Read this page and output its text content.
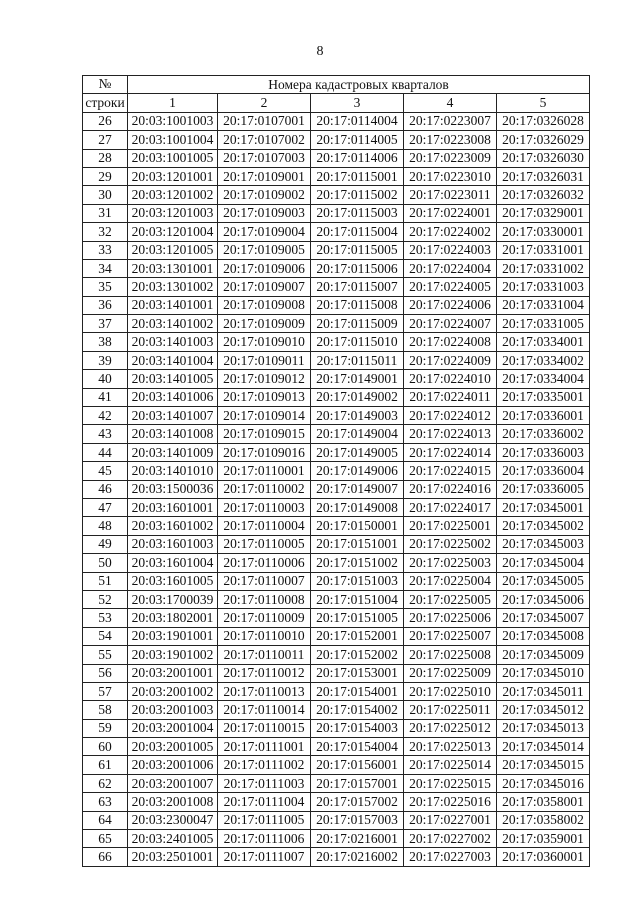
8
№	Номера кадастровых кварталов				
строки	1	2	3	4	5
26	20:03:1001003	20:17:0107001	20:17:0114004	20:17:0223007	20:17:0326028
27	20:03:1001004	20:17:0107002	20:17:0114005	20:17:0223008	20:17:0326029
28	20:03:1001005	20:17:0107003	20:17:0114006	20:17:0223009	20:17:0326030
29	20:03:1201001	20:17:0109001	20:17:0115001	20:17:0223010	20:17:0326031
30	20:03:1201002	20:17:0109002	20:17:0115002	20:17:0223011	20:17:0326032
31	20:03:1201003	20:17:0109003	20:17:0115003	20:17:0224001	20:17:0329001
32	20:03:1201004	20:17:0109004	20:17:0115004	20:17:0224002	20:17:0330001
33	20:03:1201005	20:17:0109005	20:17:0115005	20:17:0224003	20:17:0331001
34	20:03:1301001	20:17:0109006	20:17:0115006	20:17:0224004	20:17:0331002
35	20:03:1301002	20:17:0109007	20:17:0115007	20:17:0224005	20:17:0331003
36	20:03:1401001	20:17:0109008	20:17:0115008	20:17:0224006	20:17:0331004
37	20:03:1401002	20:17:0109009	20:17:0115009	20:17:0224007	20:17:0331005
38	20:03:1401003	20:17:0109010	20:17:0115010	20:17:0224008	20:17:0334001
39	20:03:1401004	20:17:0109011	20:17:0115011	20:17:0224009	20:17:0334002
40	20:03:1401005	20:17:0109012	20:17:0149001	20:17:0224010	20:17:0334004
41	20:03:1401006	20:17:0109013	20:17:0149002	20:17:0224011	20:17:0335001
42	20:03:1401007	20:17:0109014	20:17:0149003	20:17:0224012	20:17:0336001
43	20:03:1401008	20:17:0109015	20:17:0149004	20:17:0224013	20:17:0336002
44	20:03:1401009	20:17:0109016	20:17:0149005	20:17:0224014	20:17:0336003
45	20:03:1401010	20:17:0110001	20:17:0149006	20:17:0224015	20:17:0336004
46	20:03:1500036	20:17:0110002	20:17:0149007	20:17:0224016	20:17:0336005
47	20:03:1601001	20:17:0110003	20:17:0149008	20:17:0224017	20:17:0345001
48	20:03:1601002	20:17:0110004	20:17:0150001	20:17:0225001	20:17:0345002
49	20:03:1601003	20:17:0110005	20:17:0151001	20:17:0225002	20:17:0345003
50	20:03:1601004	20:17:0110006	20:17:0151002	20:17:0225003	20:17:0345004
51	20:03:1601005	20:17:0110007	20:17:0151003	20:17:0225004	20:17:0345005
52	20:03:1700039	20:17:0110008	20:17:0151004	20:17:0225005	20:17:0345006
53	20:03:1802001	20:17:0110009	20:17:0151005	20:17:0225006	20:17:0345007
54	20:03:1901001	20:17:0110010	20:17:0152001	20:17:0225007	20:17:0345008
55	20:03:1901002	20:17:0110011	20:17:0152002	20:17:0225008	20:17:0345009
56	20:03:2001001	20:17:0110012	20:17:0153001	20:17:0225009	20:17:0345010
57	20:03:2001002	20:17:0110013	20:17:0154001	20:17:0225010	20:17:0345011
58	20:03:2001003	20:17:0110014	20:17:0154002	20:17:0225011	20:17:0345012
59	20:03:2001004	20:17:0110015	20:17:0154003	20:17:0225012	20:17:0345013
60	20:03:2001005	20:17:0111001	20:17:0154004	20:17:0225013	20:17:0345014
61	20:03:2001006	20:17:0111002	20:17:0156001	20:17:0225014	20:17:0345015
62	20:03:2001007	20:17:0111003	20:17:0157001	20:17:0225015	20:17:0345016
63	20:03:2001008	20:17:0111004	20:17:0157002	20:17:0225016	20:17:0358001
64	20:03:2300047	20:17:0111005	20:17:0157003	20:17:0227001	20:17:0358002
65	20:03:2401005	20:17:0111006	20:17:0216001	20:17:0227002	20:17:0359001
66	20:03:2501001	20:17:0111007	20:17:0216002	20:17:0227003	20:17:0360001
